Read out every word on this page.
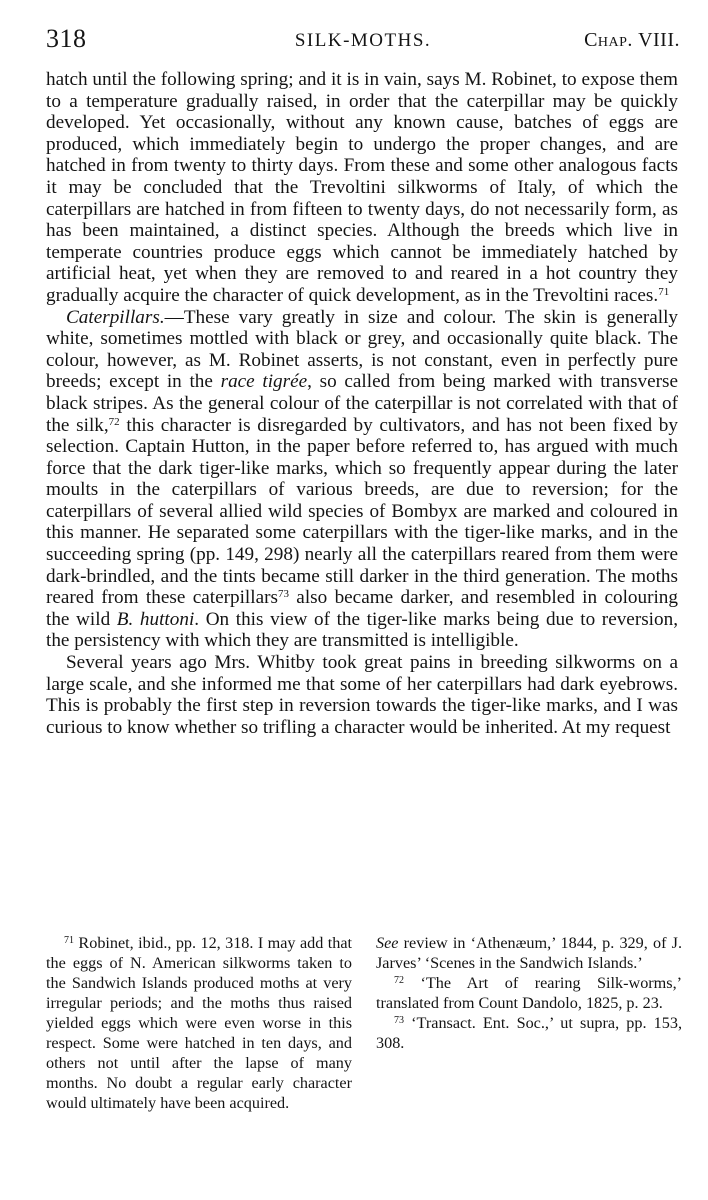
318	SILK-MOTHS.	Chap. VIII.

hatch until the following spring; and it is in vain, says M. Robinet, to expose them to a temperature gradually raised, in order that the caterpillar may be quickly developed. Yet occasionally, without any known cause, batches of eggs are produced, which immediately begin to undergo the proper changes, and are hatched in from twenty to thirty days. From these and some other analogous facts it may be concluded that the Trevoltini silkworms of Italy, of which the caterpillars are hatched in from fifteen to twenty days, do not necessarily form, as has been maintained, a distinct species. Although the breeds which live in temperate countries produce eggs which cannot be immediately hatched by artificial heat, yet when they are removed to and reared in a hot country they gradually acquire the character of quick development, as in the Trevoltini races.$^{71}$

Caterpillars.—These vary greatly in size and colour. The skin is generally white, sometimes mottled with black or grey, and occasionally quite black. The colour, however, as M. Robinet asserts, is not constant, even in perfectly pure breeds; except in the race tigrée, so called from being marked with transverse black stripes. As the general colour of the caterpillar is not correlated with that of the silk,$^{72}$ this character is disregarded by cultivators, and has not been fixed by selection. Captain Hutton, in the paper before referred to, has argued with much force that the dark tiger-like marks, which so frequently appear during the later moults in the caterpillars of various breeds, are due to reversion; for the caterpillars of several allied wild species of Bombyx are marked and coloured in this manner. He separated some caterpillars with the tiger-like marks, and in the succeeding spring (pp. 149, 298) nearly all the caterpillars reared from them were dark-brindled, and the tints became still darker in the third generation. The moths reared from these caterpillars$^{73}$ also became darker, and resembled in colouring the wild B. huttoni. On this view of the tiger-like marks being due to reversion, the persistency with which they are transmitted is intelligible.

Several years ago Mrs. Whitby took great pains in breeding silkworms on a large scale, and she informed me that some of her caterpillars had dark eyebrows. This is probably the first step in reversion towards the tiger-like marks, and I was curious to know whether so trifling a character would be inherited. At my request

$^{71}$ Robinet, ibid., pp. 12, 318. I may add that the eggs of N. American silkworms taken to the Sandwich Islands produced moths at very irregular periods; and the moths thus raised yielded eggs which were even worse in this respect. Some were hatched in ten days, and others not until after the lapse of many months. No doubt a regular early character would ultimately have been acquired.

See review in ‘Athenæum,’ 1844, p. 329, of J. Jarves’ ‘Scenes in the Sandwich Islands.’

$^{72}$ ‘The Art of rearing Silk-worms,’ translated from Count Dandolo, 1825, p. 23.

$^{73}$ ‘Transact. Ent. Soc.,’ ut supra, pp. 153, 308.
